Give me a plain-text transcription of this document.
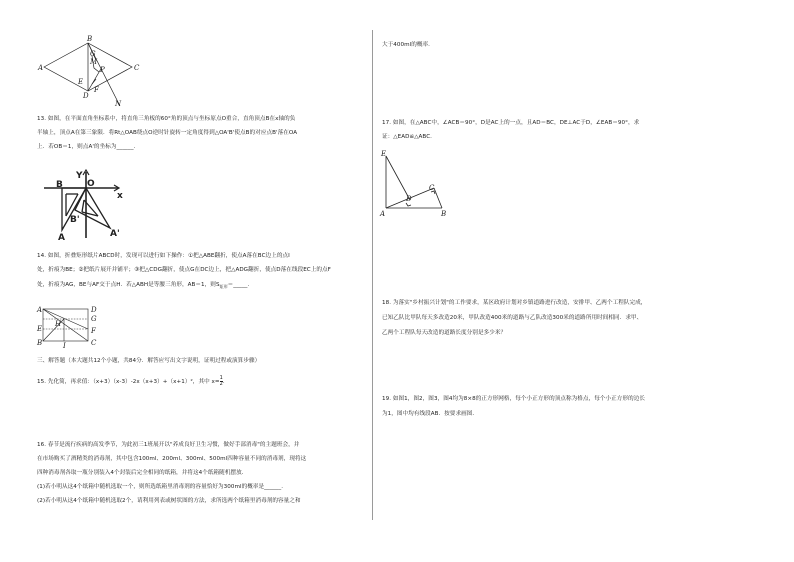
A
B
C
D
E
F
G
M
N
P
13. 如图，在平面直角坐标系中，将直角三角板的60°角的顶点与坐标原点O重合，直角顶点B在x轴的负
半轴上，顶点A在第三象限．将Rt△OAB绕点O逆时针旋转一定角度得到△OA'B'使点B的对应点B'落在OA
上．若OB＝1，则点A'的坐标为______.
Y
B	O
x
B'
A	A'
14. 如图，折叠矩形纸片ABCD时，发现可以进行如下操作：①把△ABE翻折，使点A落在BC边上的点I
处，折痕为BE；②把纸片展开并铺平；③把△CDG翻折，使点G在DC边上，把△ADG翻折，使点D落在线段EC上的点F
处，折痕为AG，BE与AF交于点H．若△ABH是等腰三角形，AB＝1，则$S_{矩形}=\_\_\_\_\_$.
A	D
E
G
H
F
B	I	C
三、解答题（本大题共12个小题，共84分．解答应写出文字说明，证明过程或演算步骤）
15. 先化简，再求值：（x+3）（x-3）-2x（x+3）+（x+1）²，其中 $x= \frac{1}{2}$ .
16. 春节是流行疾病的高发季节，为此初三1班展开以"养成良好卫生习惯，做好手部消毒"的主题班会，并
在市场购买了酒精类的消毒剂，其中包含100ml、200ml、300ml、500ml四种容量不同的消毒剂，现将这
四种消毒剂各取一瓶分别装入4个封装后完全相同的纸箱，并将这4个纸箱随机摆放．
(1)若小明从这4个纸箱中随机选取一个，则所选纸箱里消毒剂的容量恰好为300ml的概率是______.
(2)若小明从这4个纸箱中随机选取2个，请利用列表或树状图的方法，求所选两个纸箱里消毒剂的容量之和
大于400ml的概率.
17. 如图，在△ABC中，∠ACB＝90°，D是AC上的一点，且AD＝BC，DE⊥AC于D，∠EAB＝90°，求
证：△EAD≌△ABC.
E
D
C
A	B
18. 为落实"乡村振兴计划"的工作要求，某区政府计划对乡镇道路进行改造，安排甲、乙两个工程队完成，
已知乙队比甲队每天多改造20米，甲队改造400米的道路与乙队改造300米的道路所用时间相同．求甲、
乙两个工程队每天改造的道路长度分别是多少米？
19. 如图1，图2，图3，图4均为8×8的正方形网格，每个小正方形的顶点称为格点，每个小正方形的边长
为1，图中均有线段AB．按要求画图．
